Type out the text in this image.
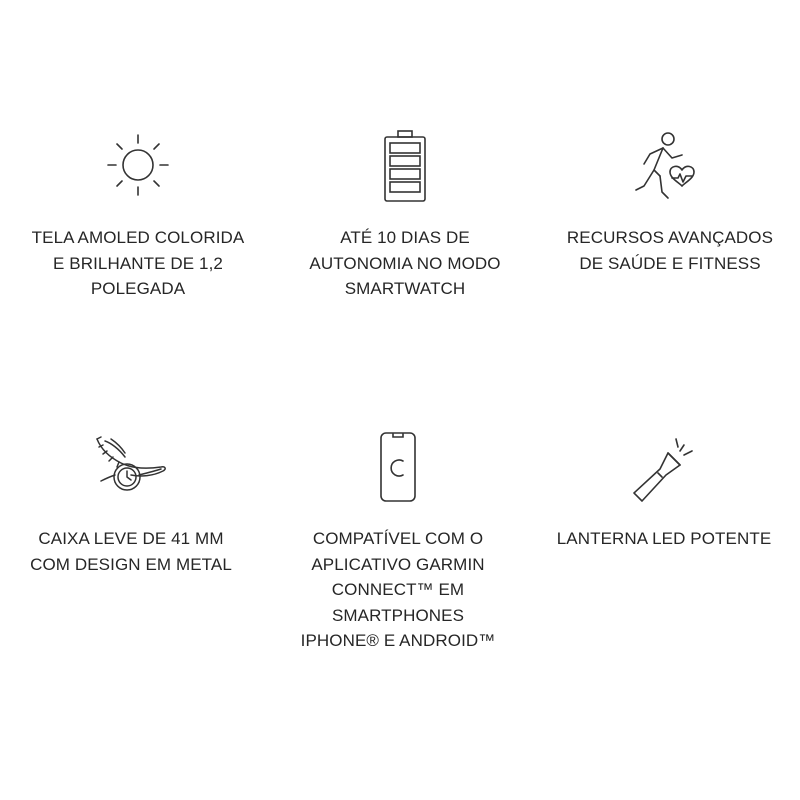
TELA AMOLED COLORIDA
E BRILHANTE DE 1,2
POLEGADA
ATÉ 10 DIAS DE
AUTONOMIA NO MODO
SMARTWATCH
RECURSOS AVANÇADOS
DE SAÚDE E FITNESS
CAIXA LEVE DE 41 MM
COM DESIGN EM METAL
COMPATÍVEL COM O
APLICATIVO GARMIN
CONNECT™ EM
SMARTPHONES
IPHONE® E ANDROID™
LANTERNA LED POTENTE
